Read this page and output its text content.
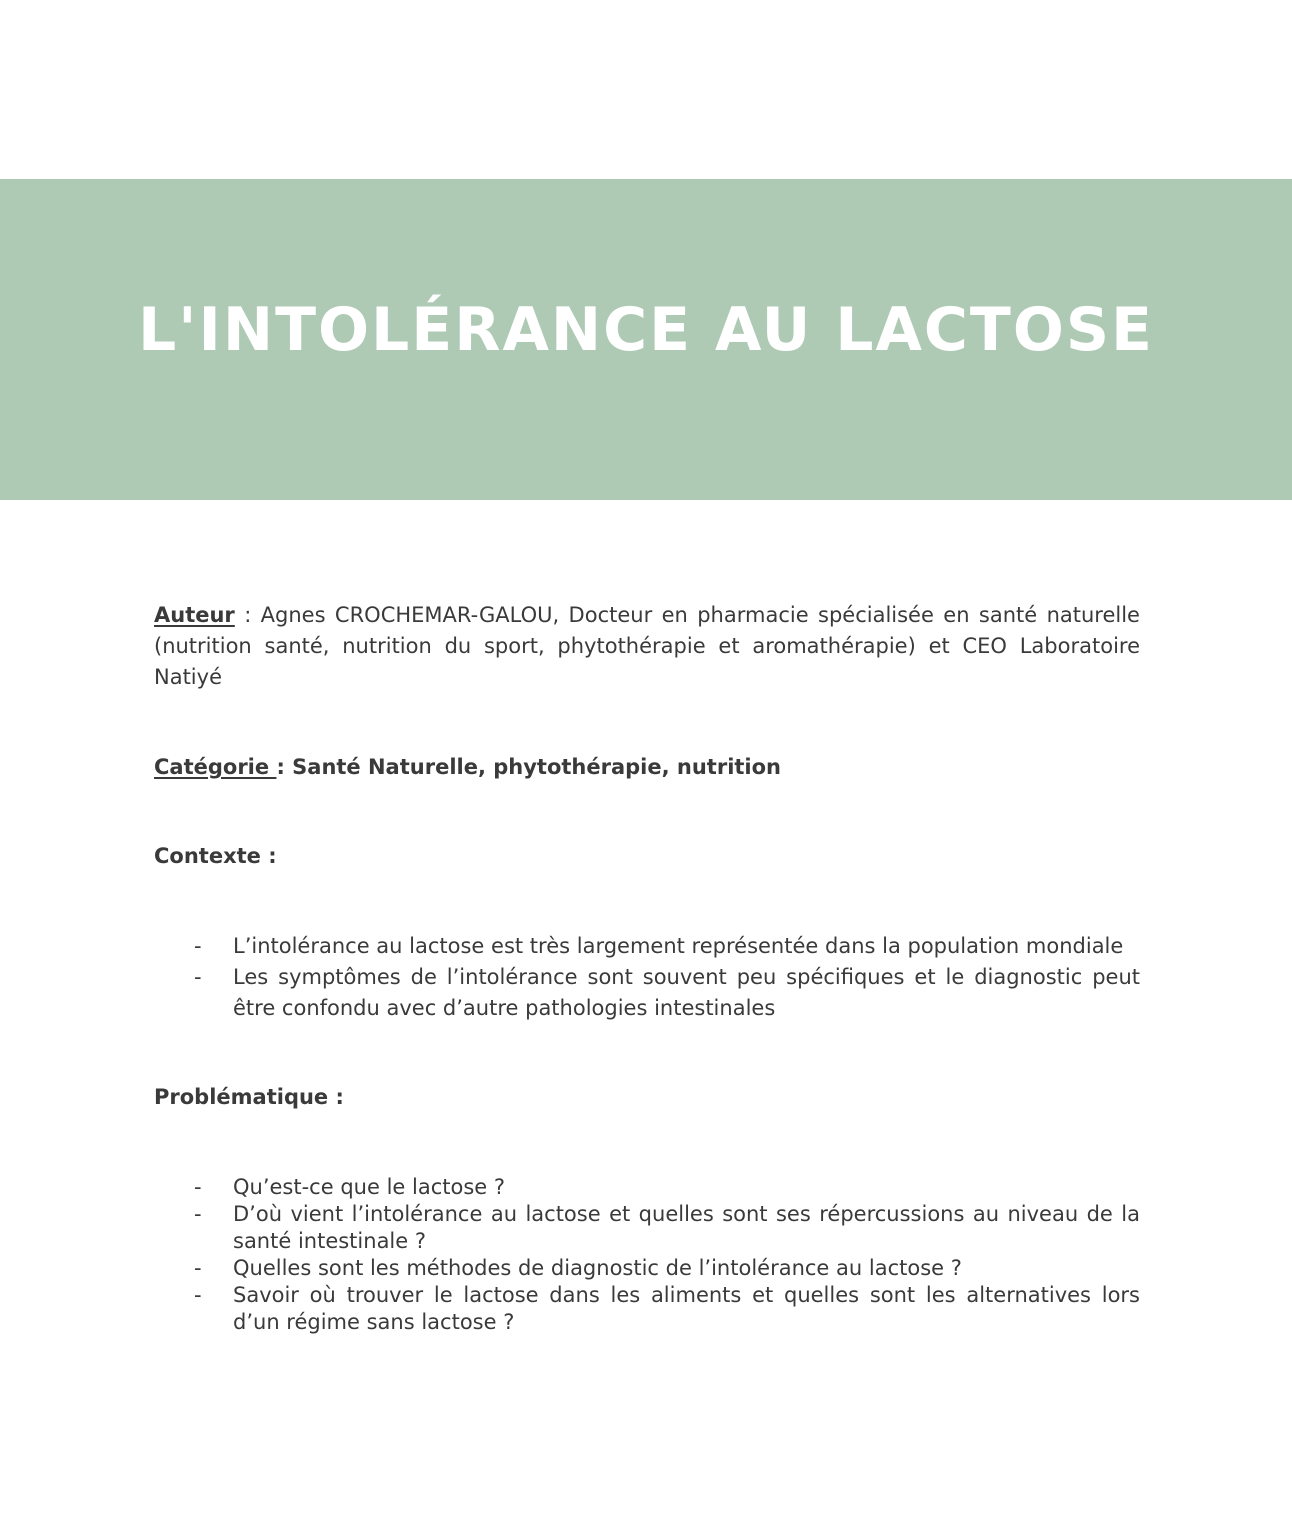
L'INTOLÉRANCE AU LACTOSE

Auteur : Agnes CROCHEMAR-GALOU, Docteur en pharmacie spécialisée en santé naturelle (nutrition santé, nutrition du sport, phytothérapie et aromathérapie) et CEO Laboratoire Natiyé

Catégorie : Santé Naturelle, phytothérapie, nutrition

Contexte :

- L’intolérance au lactose est très largement représentée dans la population mondiale
- Les symptômes de l’intolérance sont souvent peu spécifiques et le diagnostic peut être confondu avec d’autre pathologies intestinales

Problématique :

- Qu’est-ce que le lactose ?
- D’où vient l’intolérance au lactose et quelles sont ses répercussions au niveau de la santé intestinale ?
- Quelles sont les méthodes de diagnostic de l’intolérance au lactose ?
- Savoir où trouver le lactose dans les aliments et quelles sont les alternatives lors d’un régime sans lactose ?
